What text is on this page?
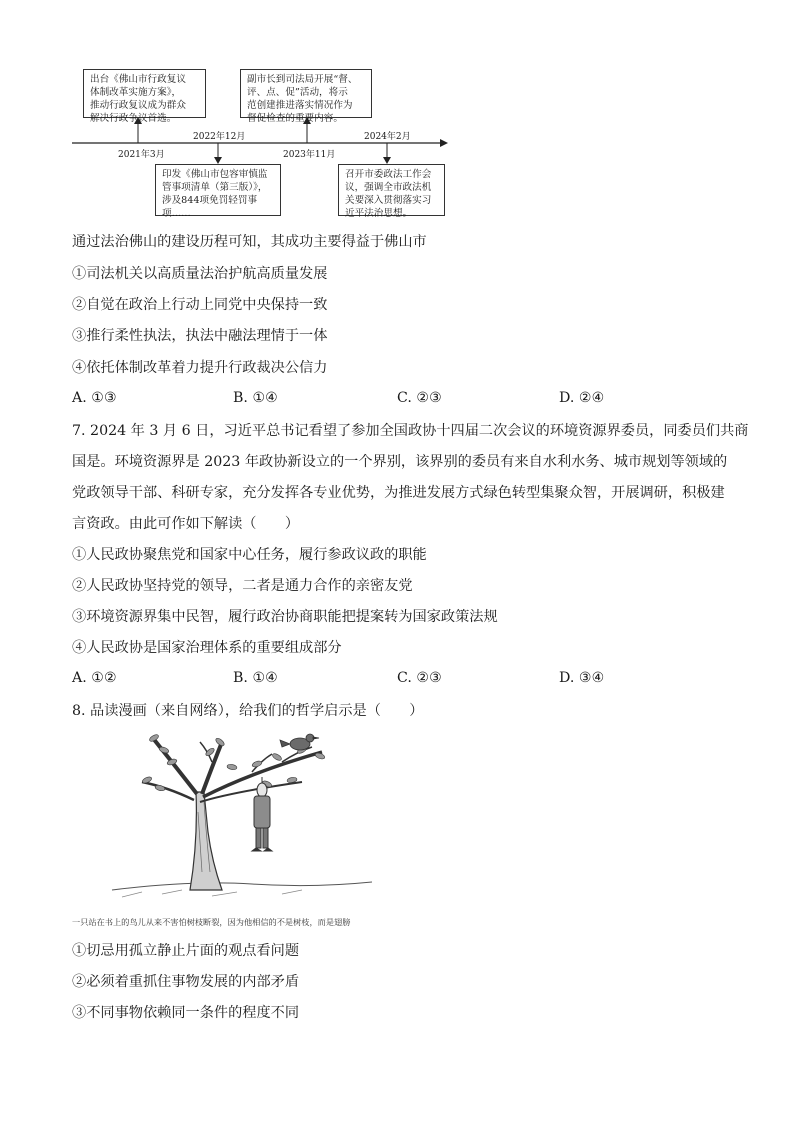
出台《佛山市行政复议
体制改革实施方案》，
推动行政复议成为群众
解决行政争议首选。
2021年3月
2022年12月
印发《佛山市包容审慎监
管事项清单（第三版）》，
涉及844项免罚轻罚事
项……
副市长到司法局开展“督、
评、点、促”活动，将示
范创建推进落实情况作为
督促检查的重要内容。
2023年11月
2024年2月
召开市委政法工作会
议，强调全市政法机
关要深入贯彻落实习
近平法治思想。
通过法治佛山的建设历程可知，其成功主要得益于佛山市
①司法机关以高质量法治护航高质量发展
②自觉在政治上行动上同党中央保持一致
③推行柔性执法，执法中融法理情于一体
④依托体制改革着力提升行政裁决公信力
A. ①③	B. ①④	C. ②③	D. ②④
7. 2024 年 3 月 6 日，习近平总书记看望了参加全国政协十四届二次会议的环境资源界委员，同委员们共商
国是。环境资源界是 2023 年政协新设立的一个界别，该界别的委员有来自水利水务、城市规划等领域的
党政领导干部、科研专家，充分发挥各专业优势，为推进发展方式绿色转型集聚众智，开展调研，积极建
言资政。由此可作如下解读（　　）
①人民政协聚焦党和国家中心任务，履行参政议政的职能
②人民政协坚持党的领导，二者是通力合作的亲密友党
③环境资源界集中民智，履行政治协商职能把提案转为国家政策法规
④人民政协是国家治理体系的重要组成部分
A. ①②	B. ①④	C. ②③	D. ③④
8. 品读漫画（来自网络），给我们的哲学启示是（　　）
一只站在书上的鸟儿从来不害怕树枝断裂，因为他相信的不是树枝，而是翅膀
①切忌用孤立静止片面的观点看问题
②必须着重抓住事物发展的内部矛盾
③不同事物依赖同一条件的程度不同
